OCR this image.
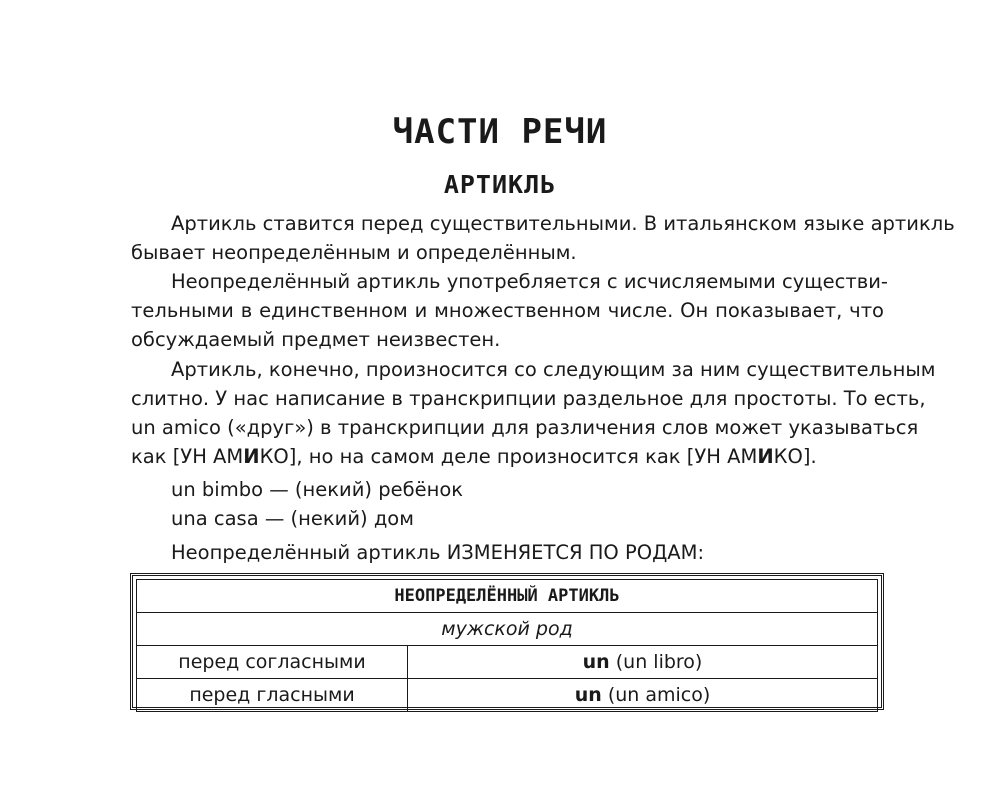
ЧАСТИ РЕЧИ
АРТИКЛЬ
Артикль ставится перед существительными. В итальянском языке артикль
бывает неопределённым и определённым.
Неопределённый артикль употребляется с исчисляемыми существи-
тельными в единственном и множественном числе. Он показывает, что
обсуждаемый предмет неизвестен.
Артикль, конечно, произносится со следующим за ним существительным
слитно. У нас написание в транскрипции раздельное для простоты. То есть,
un amico («друг») в транскрипции для различения слов может указываться
как [УН АМИКО], но на самом деле произносится как [УН АМИКО].
un bimbo — (некий) ребёнок
una casa — (некий) дом
Неопределённый артикль ИЗМЕНЯЕТСЯ ПО РОДАМ:
НЕОПРЕДЕЛЁННЫЙ АРТИКЛЬ	
мужской род	
перед согласными	un (un libro)
перед гласными	un (un amico)
